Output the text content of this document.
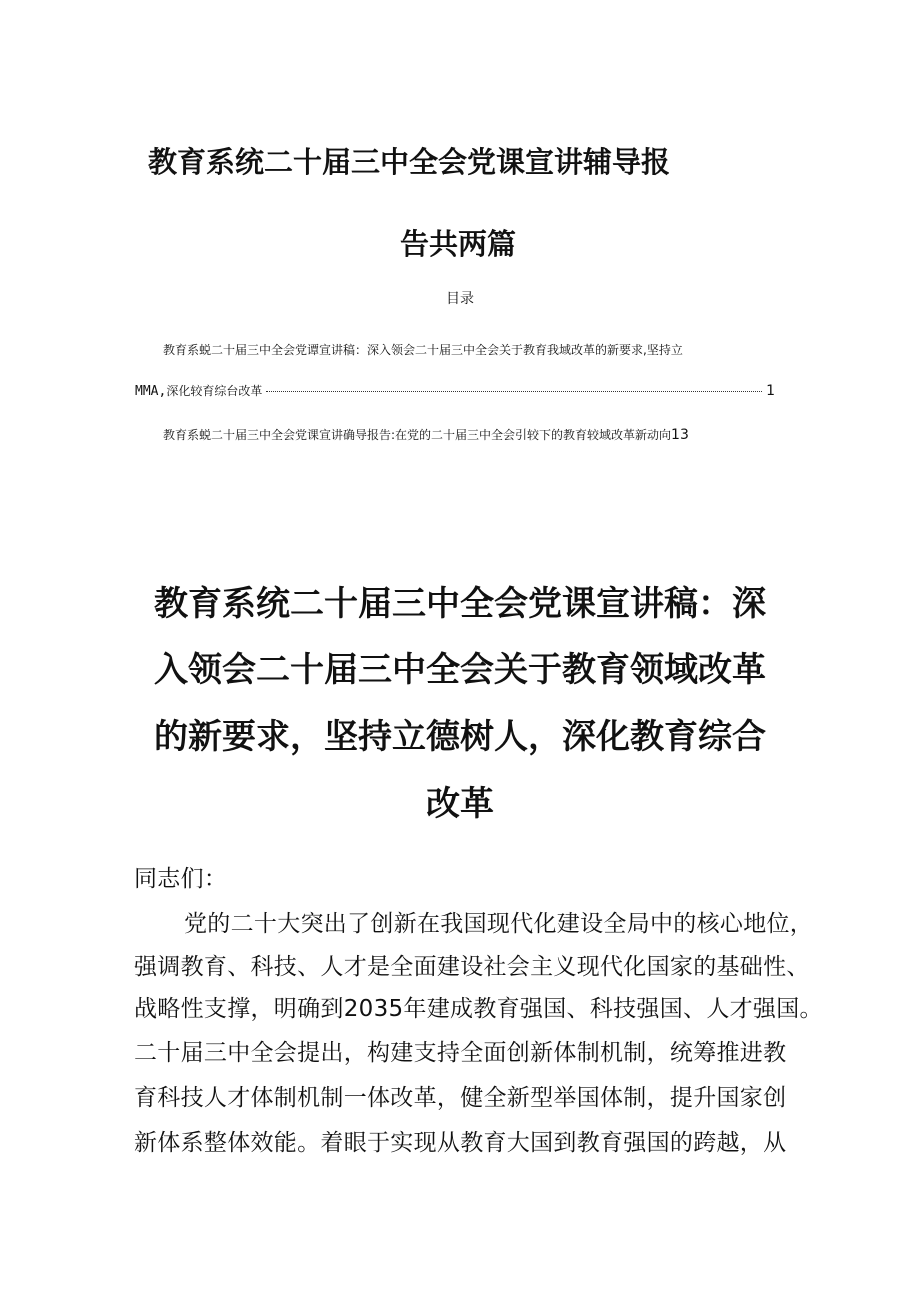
教育系统二十届三中全会党课宣讲辅导报
告共两篇
目录
教育系蜕二十届三中全会党谭宣讲稿：深入领会二十届三中全会关于教育我域改革的新要求,坚持立
MMA, 深化较育综台改革	1
教育系蜕二十届三中全会党课宣讲确导报告:在党的二十届三中全会引较下的教育较域改革新动向13
教育系统二十届三中全会党课宣讲稿：深
入领会二十届三中全会关于教育领域改革
的新要求，坚持立德树人，深化教育综合
改革
同志们：
党的二十大突出了创新在我国现代化建设全局中的核心地位，
强调教育、科技、人才是全面建设社会主义现代化国家的基础性、
战略性支撑，明确到2035年建成教育强国、科技强国、人才强国。
二十届三中全会提出，构建支持全面创新体制机制，统筹推进教
育科技人才体制机制一体改革，健全新型举国体制，提升国家创
新体系整体效能。着眼于实现从教育大国到教育强国的跨越，从
